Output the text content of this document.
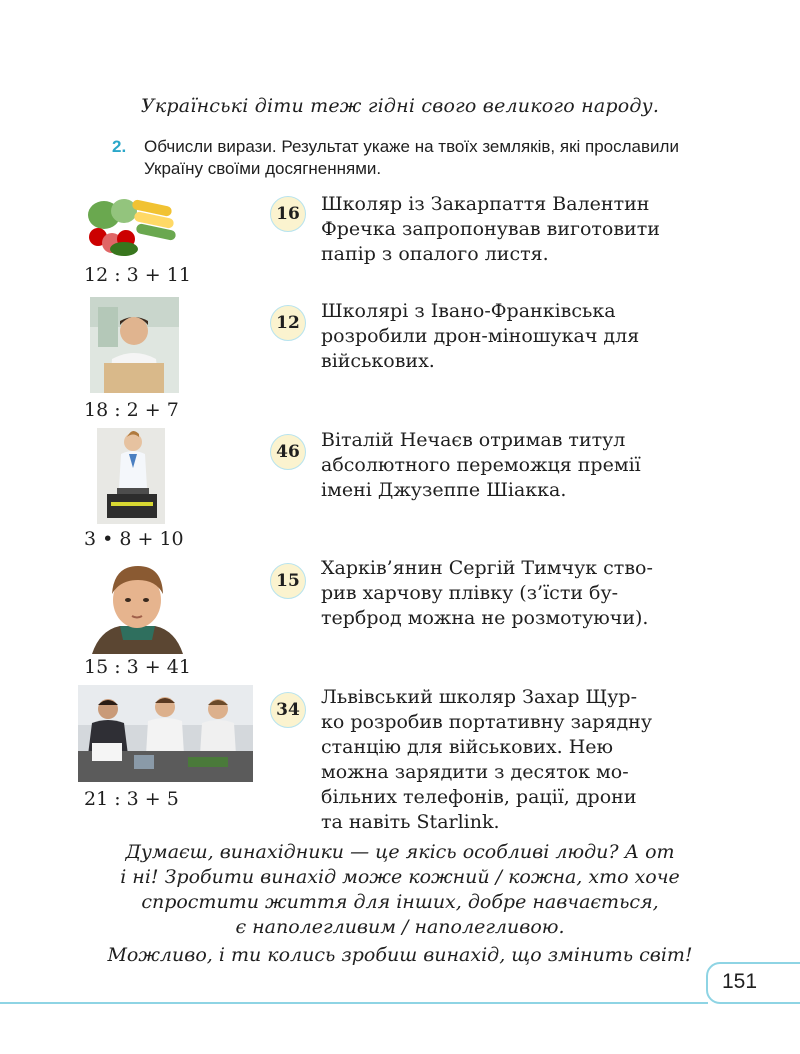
Українські діти теж гідні свого великого народу.
2. Обчисли вирази. Результат укаже на твоїх земляків, які прославили Україну своїми досягненнями.
12 : 3 + 11
16	Школяр із Закарпаття Валентин
Фречка запропонував виготовити
папір з опалого листя.
18 : 2 + 7
12
Школярі з Івано-Франківська
розробили дрон-міношукач для
військових.
3 • 8 + 10
46
Віталій Нечаєв отримав титул
абсолютного переможця премії
імені Джузеппе Шіакка.
15 : 3 + 41
15
Харків’янин Сергій Тимчук ство-
рив харчову плівку (з’їсти бу-
терброд можна не розмотуючи).
21 : 3 + 5
34
Львівський школяр Захар Щур-
ко розробив портативну зарядну
станцію для військових. Нею
можна зарядити з десяток мо-
більних телефонів, рації, дрони
та навіть Starlink.
Думаєш, винахідники — це якісь особливі люди? А от
і ні! Зробити винахід може кожний / кожна, хто хоче
спростити життя для інших, добре навчається,
є наполегливим / наполегливою.
Можливо, і ти колись зробиш винахід, що змінить світ!
151
